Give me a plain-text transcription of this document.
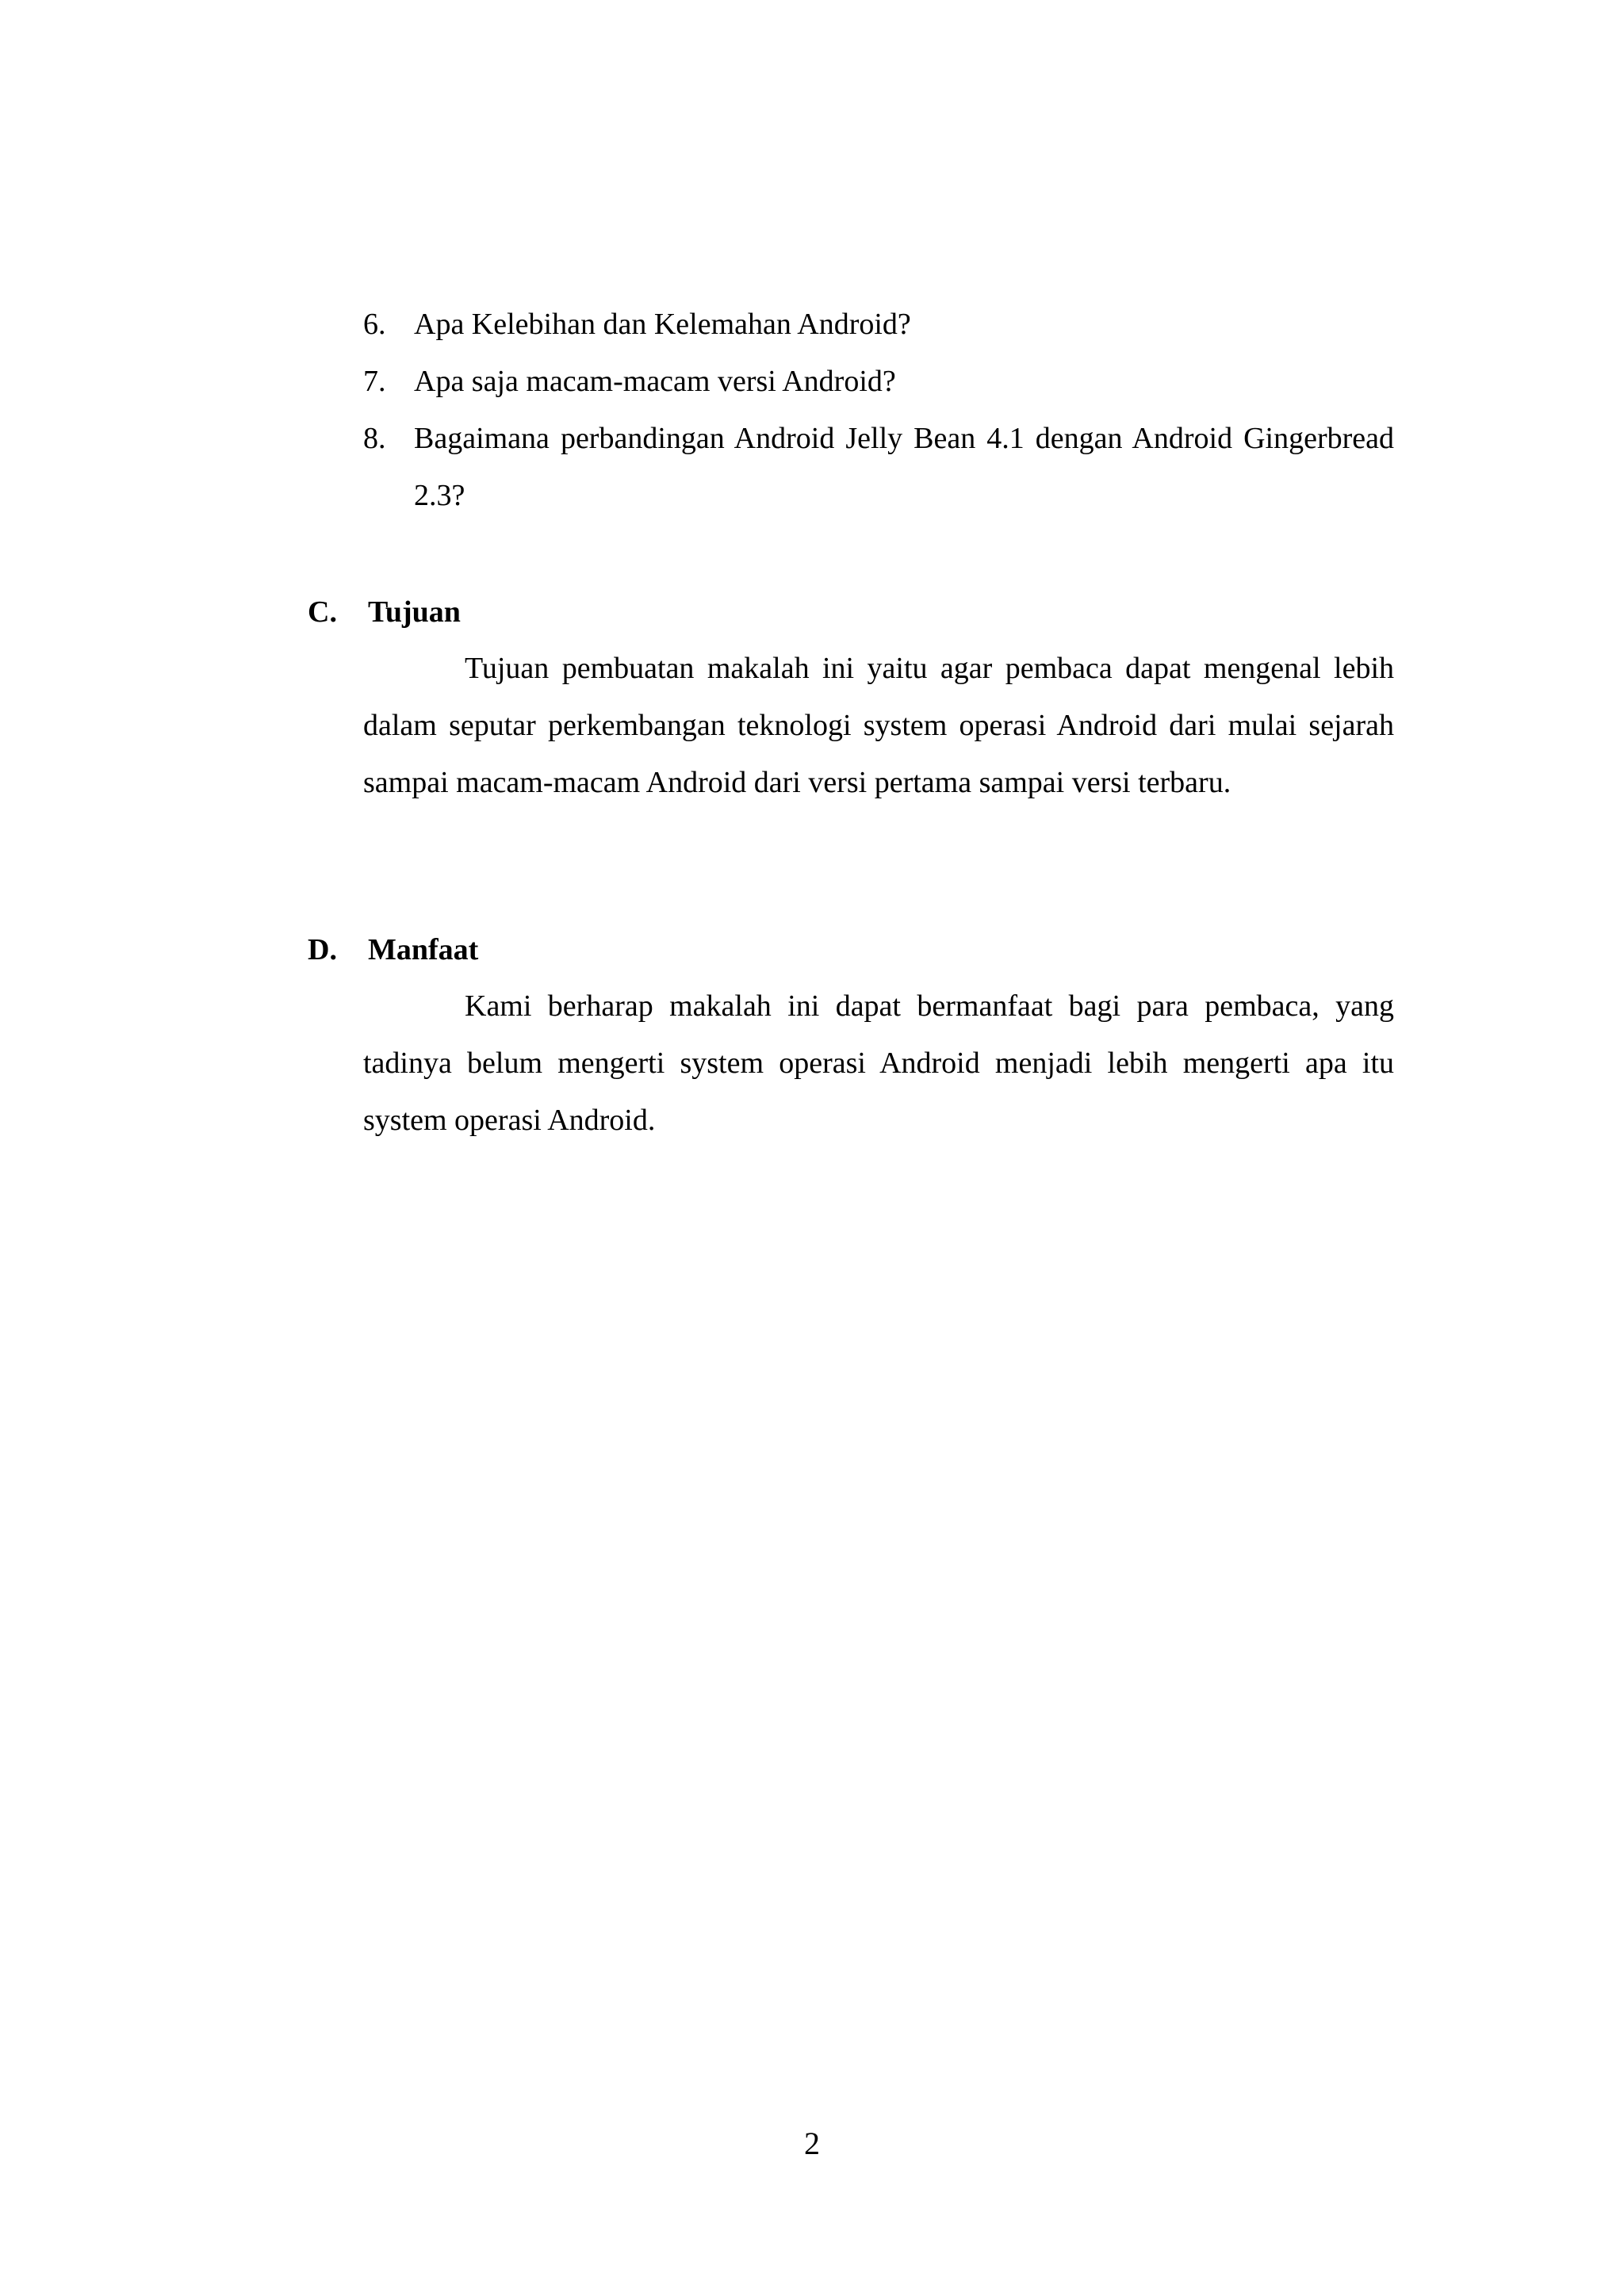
6. Apa Kelebihan dan Kelemahan Android?
7. Apa saja macam-macam versi Android?
8. Bagaimana perbandingan Android Jelly Bean 4.1 dengan Android Gingerbread 2.3?
C. Tujuan

Tujuan pembuatan makalah ini yaitu agar pembaca dapat mengenal lebih dalam seputar perkembangan teknologi system operasi Android dari mulai sejarah sampai macam-macam Android dari versi pertama sampai versi terbaru.

D. Manfaat

Kami berharap makalah ini dapat bermanfaat bagi para pembaca, yang tadinya belum mengerti system operasi Android menjadi lebih mengerti apa itu system operasi Android.

2
